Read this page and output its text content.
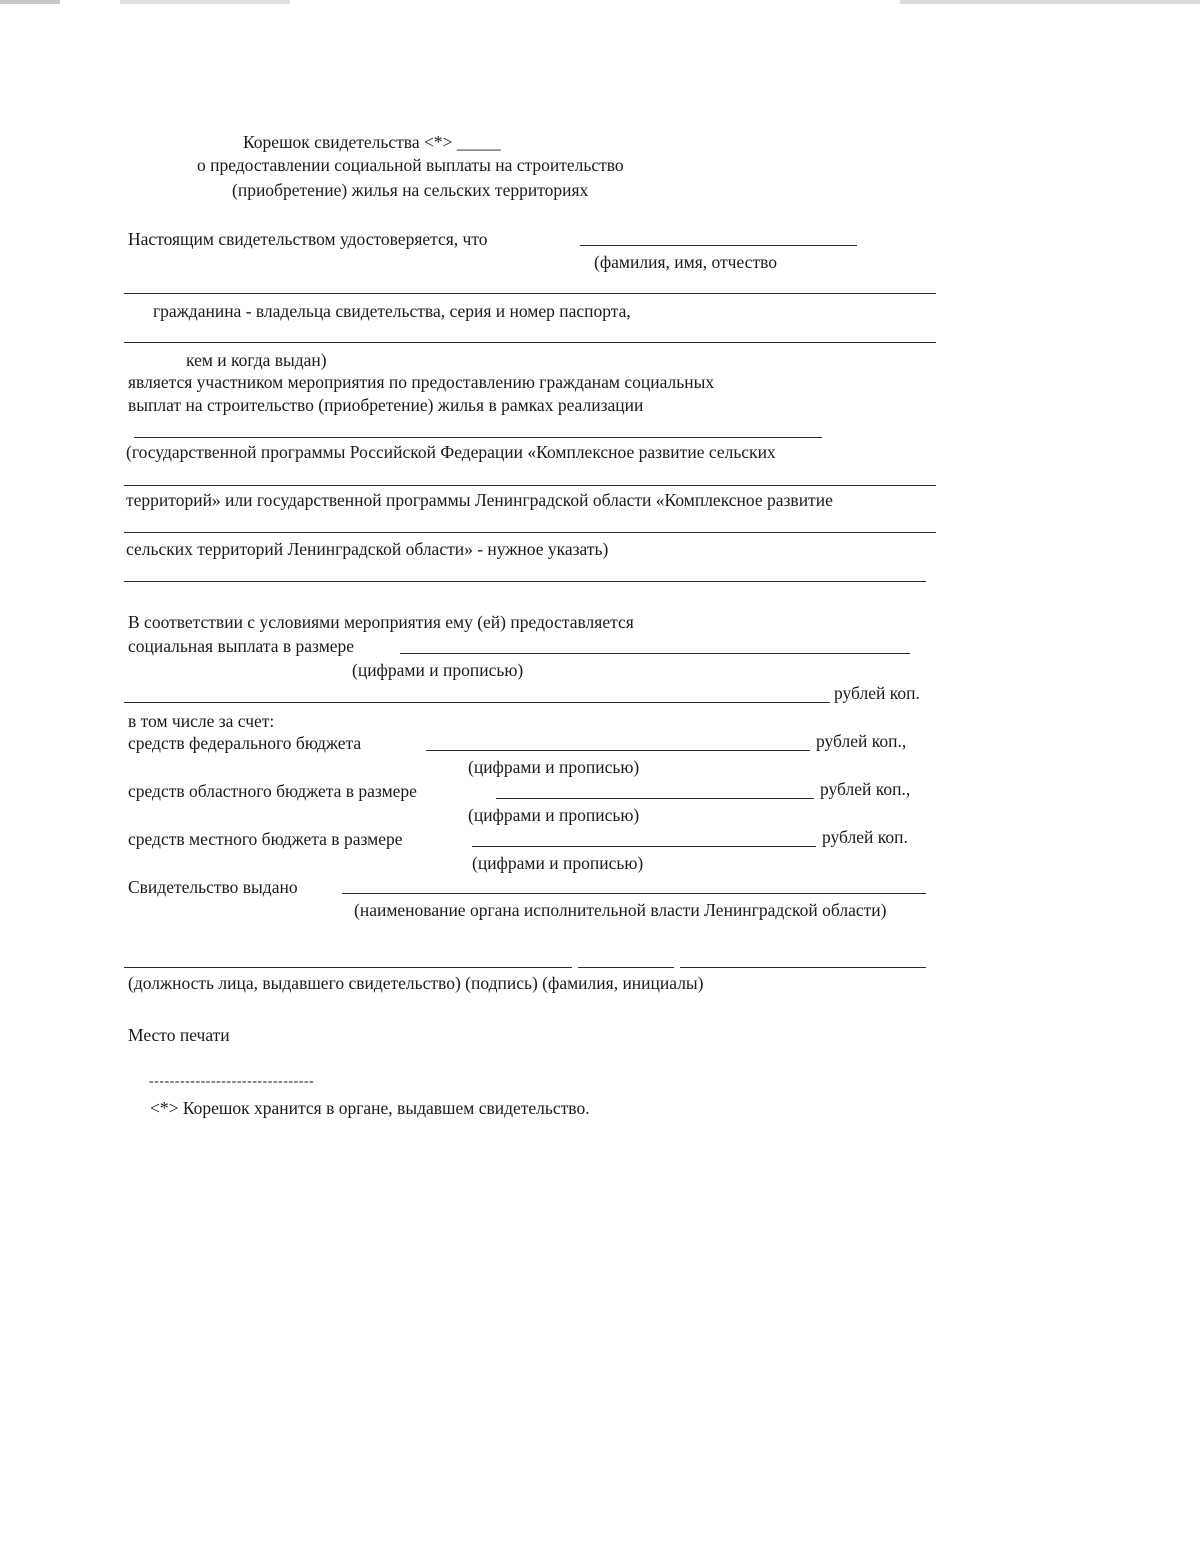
Корешок свидетельства <*> _____
о предоставлении социальной выплаты на строительство
(приобретение) жилья на сельских территориях
Настоящим свидетельством удостоверяется, что
(фамилия, имя, отчество
гражданина - владельца свидетельства, серия и номер паспорта,
кем и когда выдан)
является участником мероприятия по предоставлению гражданам социальных
выплат на строительство (приобретение) жилья в рамках реализации
(государственной программы Российской Федерации «Комплексное развитие сельских
территорий» или государственной программы Ленинградской области «Комплексное развитие
сельских территорий Ленинградской области» - нужное указать)
В соответствии с условиями мероприятия ему (ей) предоставляется
социальная выплата в размере
(цифрами и прописью)
рублей коп.
в том числе за счет:
средств федерального бюджета	рублей коп.,
(цифрами и прописью)
средств областного бюджета в размере	рублей коп.,
(цифрами и прописью)
средств местного бюджета в размере	рублей коп.
(цифрами и прописью)
Свидетельство выдано
(наименование органа исполнительной власти Ленинградской области)
(должность лица, выдавшего свидетельство) (подпись) (фамилия, инициалы)
Место печати
--------------------------------
<*> Корешок хранится в органе, выдавшем свидетельство.
